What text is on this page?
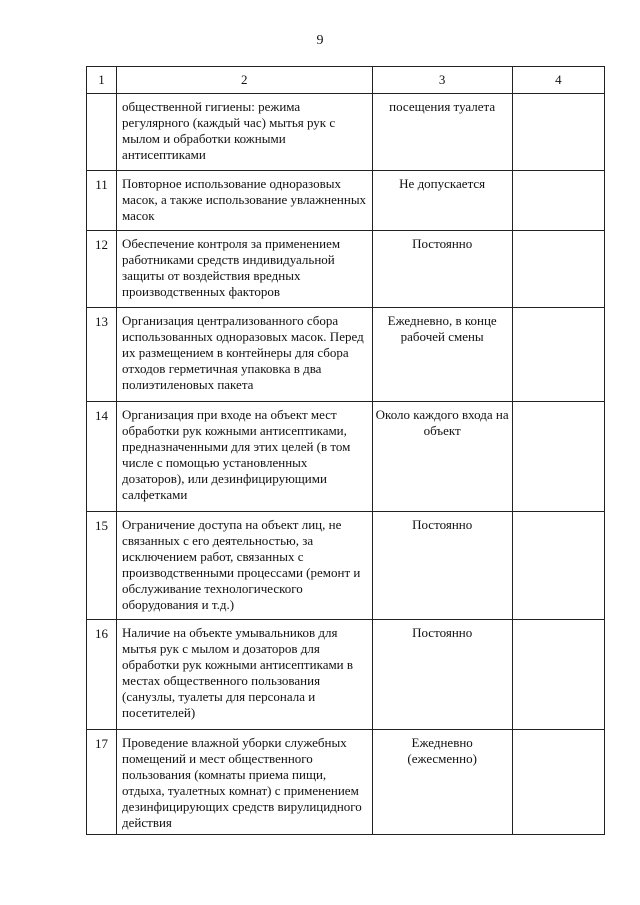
9
1	2	3	4
	общественной гигиены: режима регулярного (каждый час) мытья рук с мылом и обработки кожными антисептиками	посещения туалета	
11	Повторное использование одноразовых масок, а также использование увлажненных масок	Не допускается	
12	Обеспечение контроля за применением работниками средств индивидуальной защиты от воздействия вредных производственных факторов	Постоянно	
13	Организация централизованного сбора использованных одноразовых масок. Перед их размещением в контейнеры для сбора отходов герметичная упаковка в два полиэтиленовых пакета	Ежедневно, в конце рабочей смены	
14	Организация при входе на объект мест обработки рук кожными антисептиками, предназначенными для этих целей (в том числе с помощью установленных дозаторов), или дезинфицирующими салфетками	Около каждого входа на объект	
15	Ограничение доступа на объект лиц, не связанных с его деятельностью, за исключением работ, связанных с производственными процессами (ремонт и обслуживание технологического оборудования и т.д.)	Постоянно	
16	Наличие на объекте умывальников для мытья рук с мылом и дозаторов для обработки рук кожными антисептиками в местах общественного пользования (санузлы, туалеты для персонала и посетителей)	Постоянно	
17	Проведение влажной уборки служебных помещений и мест общественного пользования (комнаты приема пищи, отдыха, туалетных комнат) с применением дезинфицирующих средств вирулицидного действия	Ежедневно (ежесменно)	
